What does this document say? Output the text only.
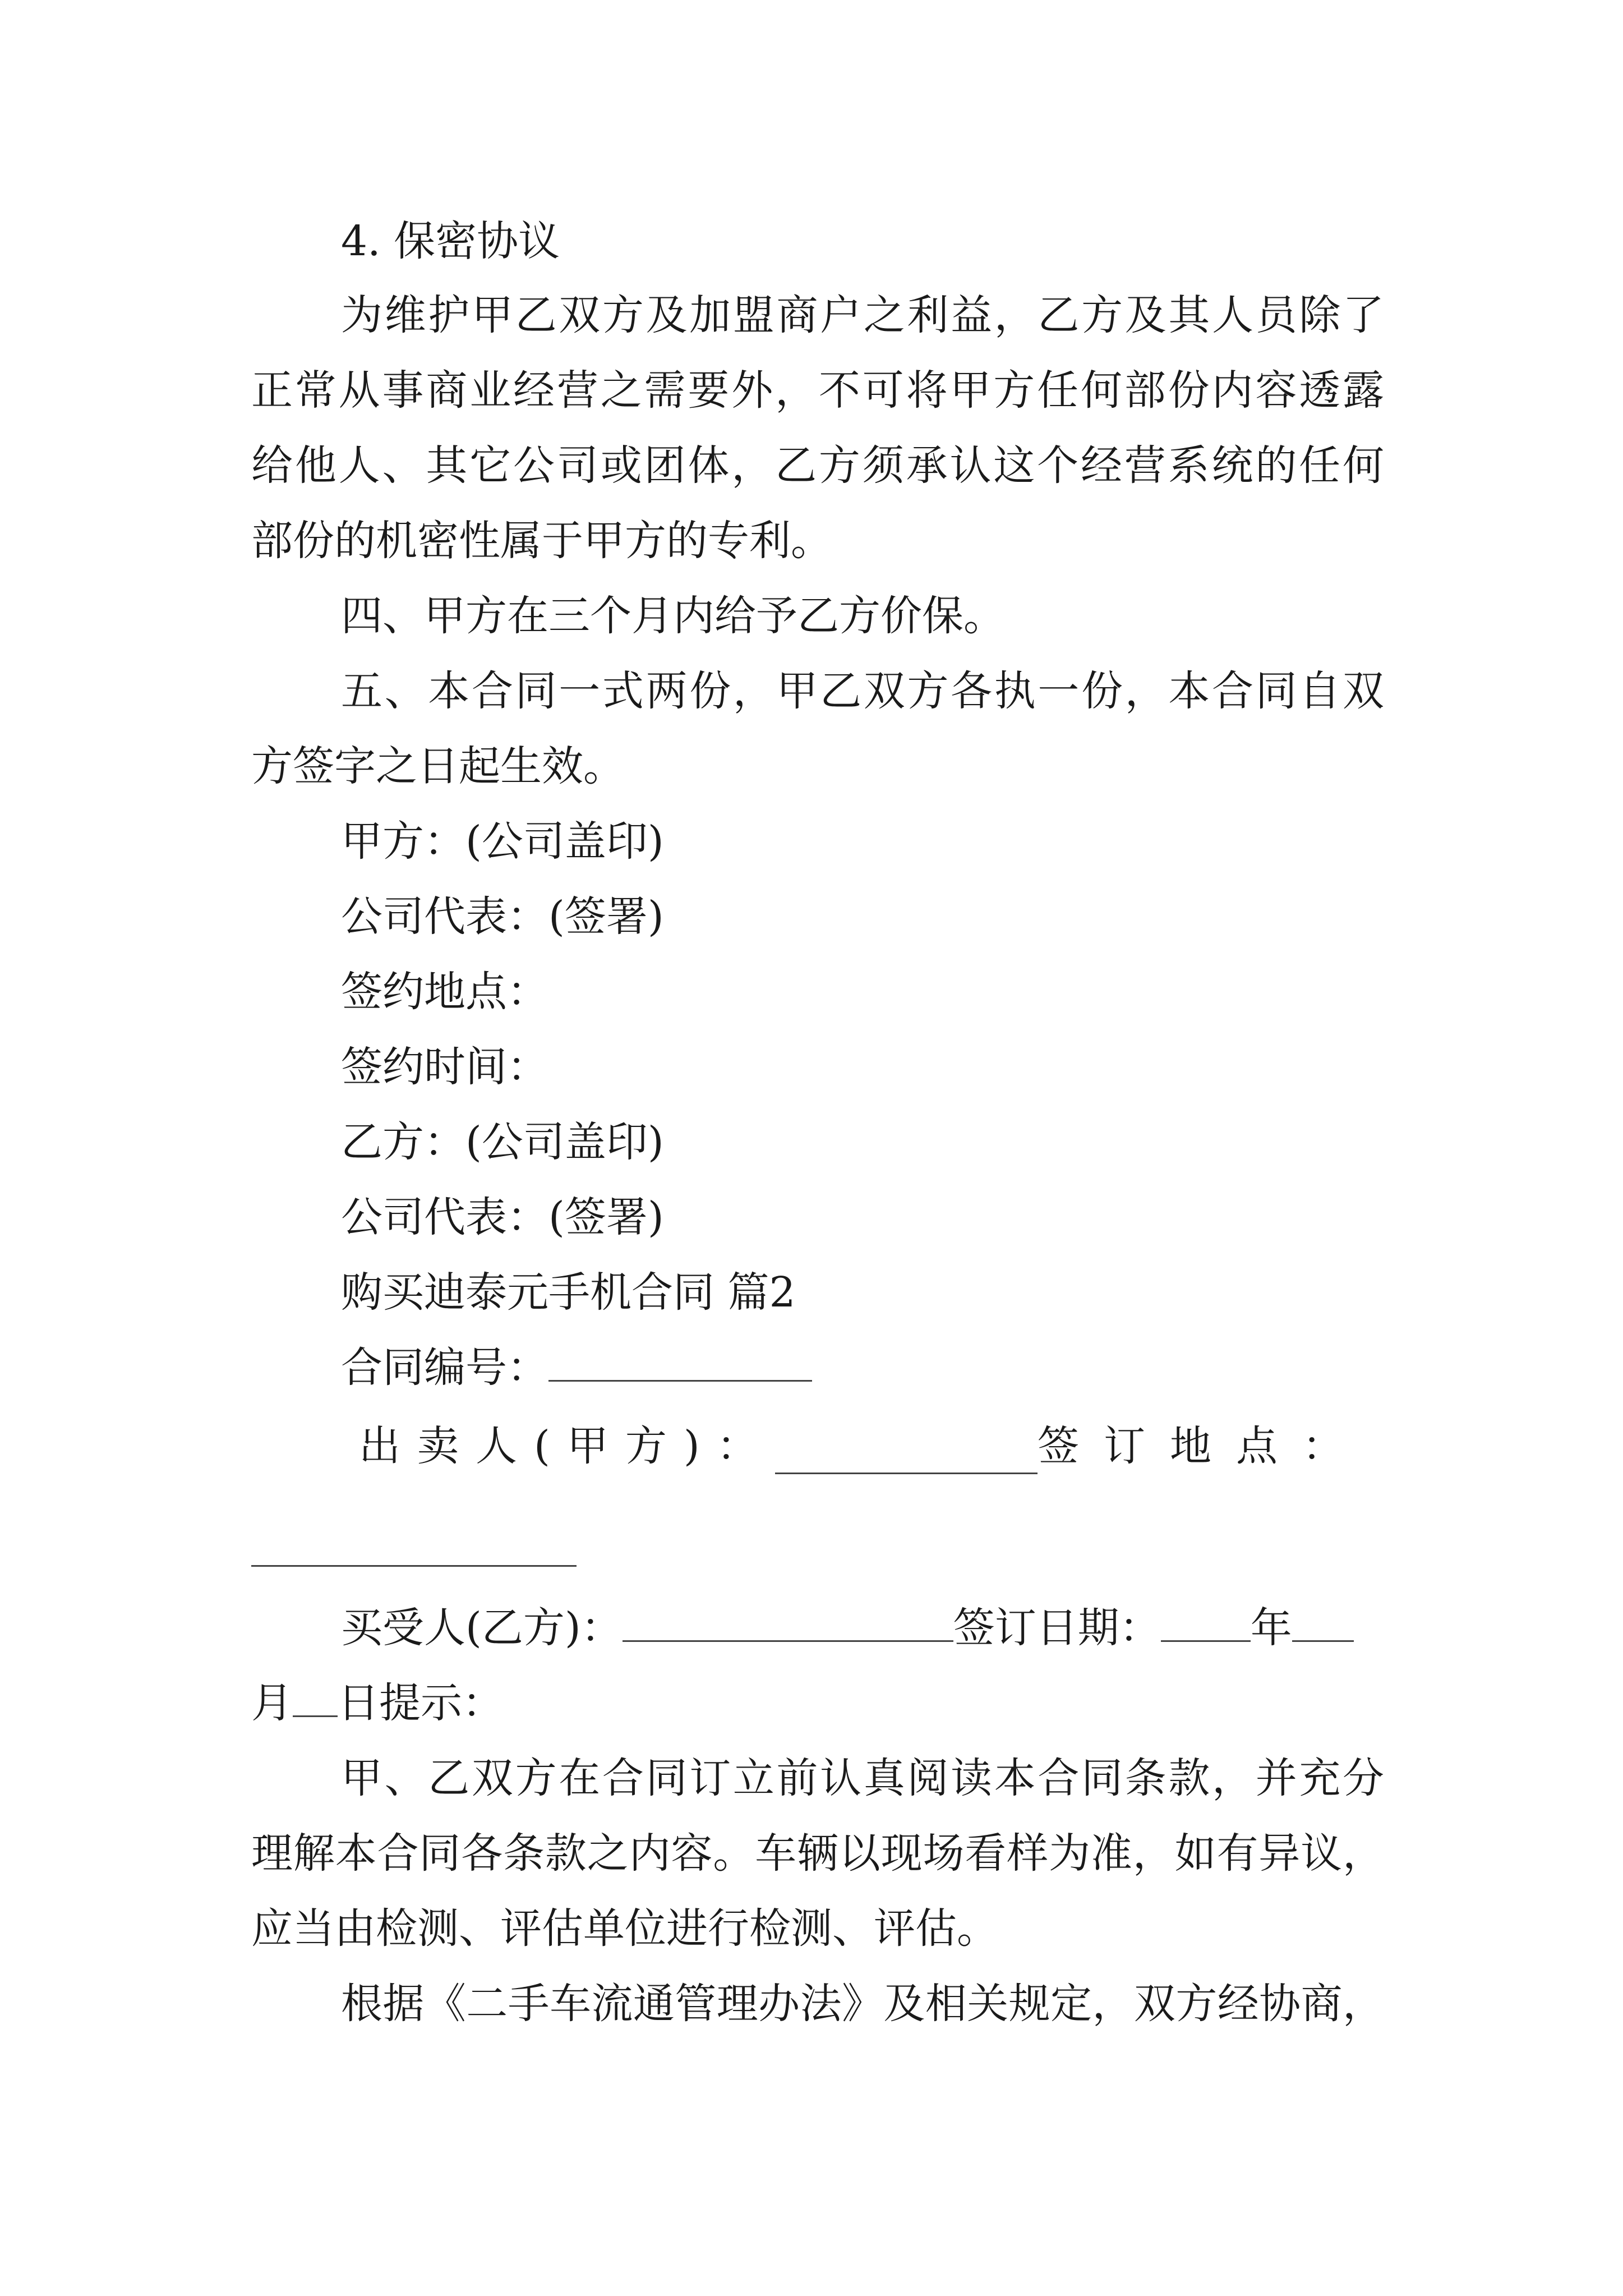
4. 保密协议
为维护甲乙双方及加盟商户之利益，乙方及其人员除了
正常从事商业经营之需要外，不可将甲方任何部份内容透露
给他人、其它公司或团体，乙方须承认这个经营系统的任何
部份的机密性属于甲方的专利。
四、甲方在三个月内给予乙方价保。
五、本合同一式两份，甲乙双方各执一份，本合同自双
方签字之日起生效。
甲方：(公司盖印)
公司代表：(签署)
签约地点：
签约时间：
乙方：(公司盖印)
公司代表：(签署)
购买迪泰元手机合同 篇2
合同编号：
出卖人(甲方)：	签订地点：
买受人(乙方)：	签订日期： 年
月 日提示：
甲、乙双方在合同订立前认真阅读本合同条款，并充分
理解本合同各条款之内容。车辆以现场看样为准，如有异议，
应当由检测、评估单位进行检测、评估。
根据《二手车流通管理办法》及相关规定，双方经协商，
